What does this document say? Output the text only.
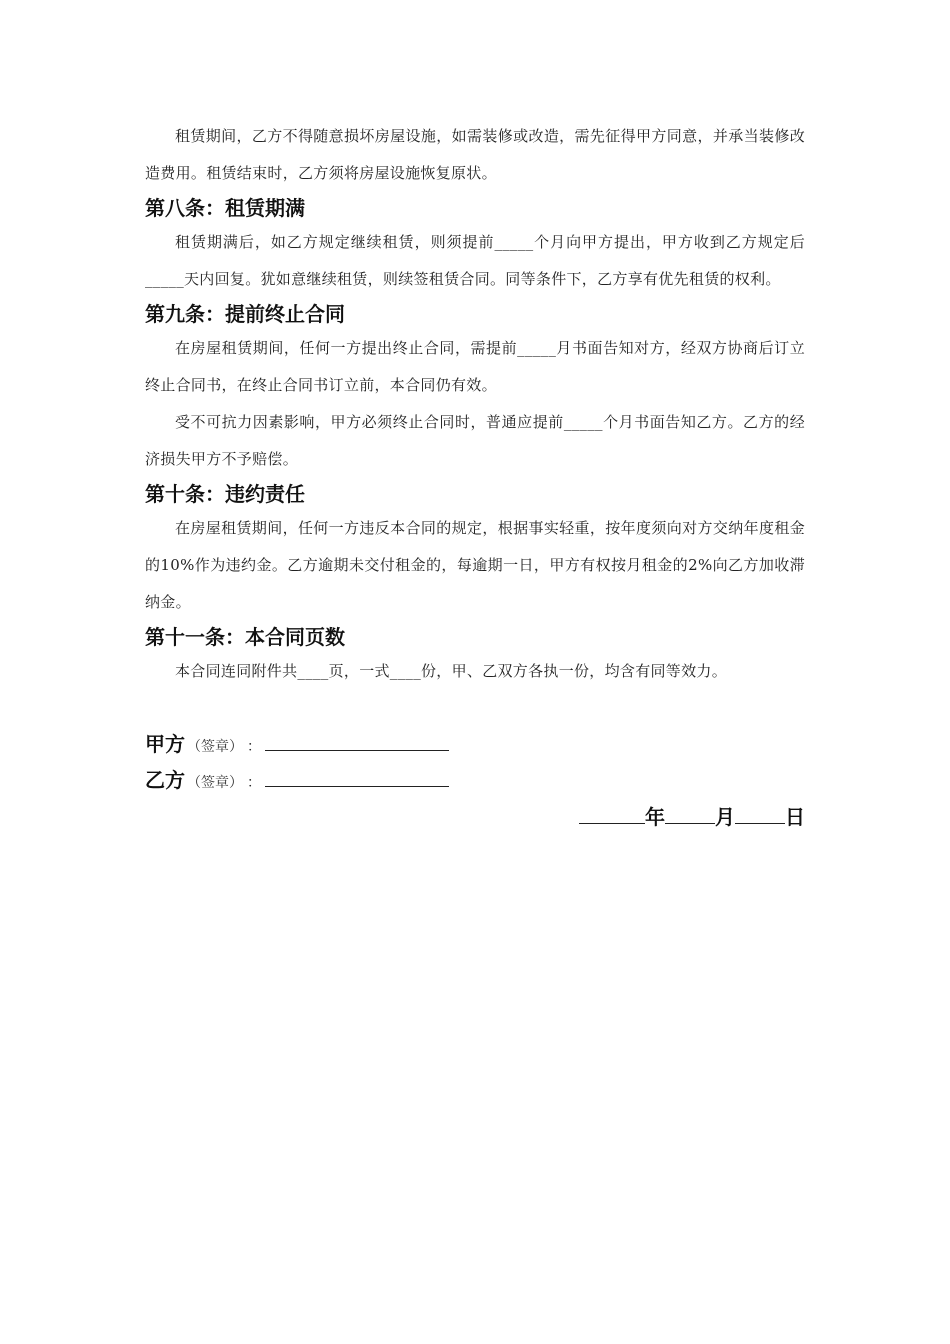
租赁期间，乙方不得随意损坏房屋设施，如需装修或改造，需先征得甲方同意，并承当装修改造费用。租赁结束时，乙方须将房屋设施恢复原状。

第八条：租赁期满

租赁期满后，如乙方规定继续租赁，则须提前_____个月向甲方提出，甲方收到乙方规定后_____天内回复。犹如意继续租赁，则续签租赁合同。同等条件下，乙方享有优先租赁的权利。

第九条：提前终止合同

在房屋租赁期间，任何一方提出终止合同，需提前_____月书面告知对方，经双方协商后订立终止合同书，在终止合同书订立前，本合同仍有效。

受不可抗力因素影响，甲方必须终止合同时，普通应提前_____个月书面告知乙方。乙方的经济损失甲方不予赔偿。

第十条：违约责任

在房屋租赁期间，任何一方违反本合同的规定，根据事实轻重，按年度须向对方交纳年度租金的10%作为违约金。乙方逾期未交付租金的，每逾期一日，甲方有权按月租金的2%向乙方加收滞纳金。

第十一条：本合同页数

本合同连同附件共____页，一式____份，甲、乙双方各执一份，均含有同等效力。

甲方 （签章） ：
乙方 （签章） ：
年	月	日
